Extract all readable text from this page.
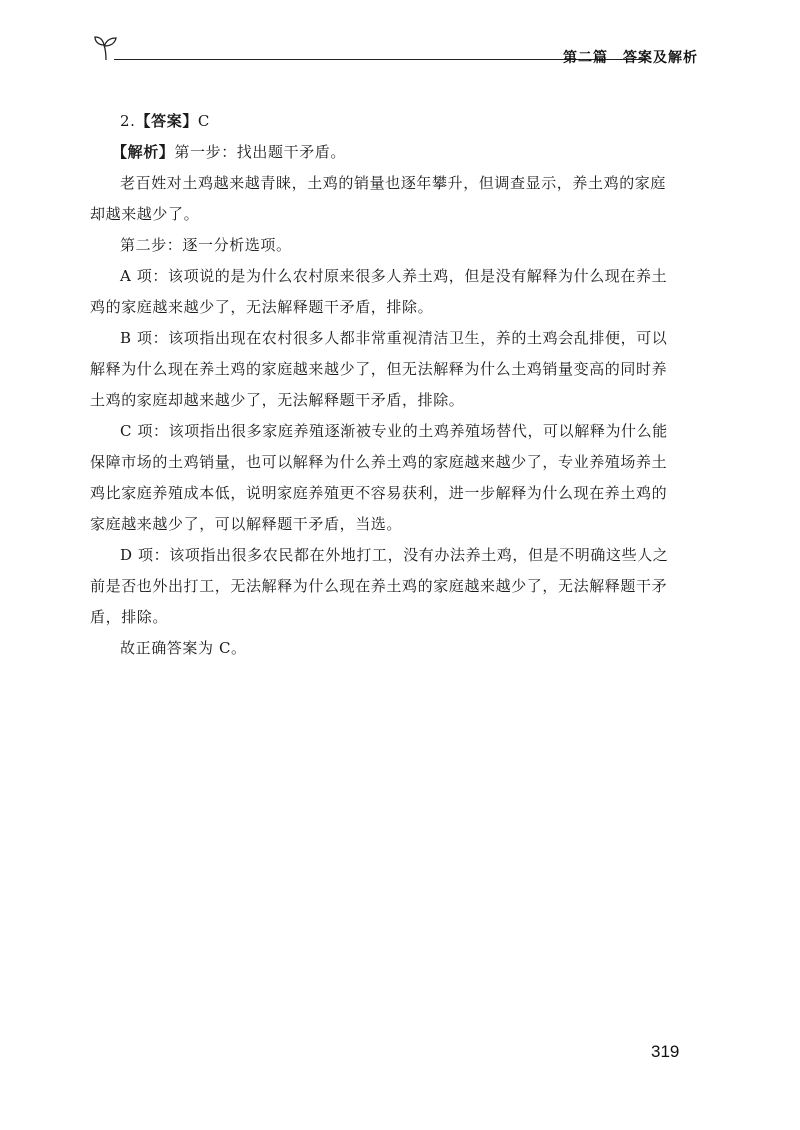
第二篇　答案及解析

2.【答案】C

【解析】第一步：找出题干矛盾。

老百姓对土鸡越来越青睐，土鸡的销量也逐年攀升，但调查显示，养土鸡的家庭

却越来越少了。

第二步：逐一分析选项。

A 项：该项说的是为什么农村原来很多人养土鸡，但是没有解释为什么现在养土

鸡的家庭越来越少了，无法解释题干矛盾，排除。

B 项：该项指出现在农村很多人都非常重视清洁卫生，养的土鸡会乱排便，可以

解释为什么现在养土鸡的家庭越来越少了，但无法解释为什么土鸡销量变高的同时养

土鸡的家庭却越来越少了，无法解释题干矛盾，排除。

C 项：该项指出很多家庭养殖逐渐被专业的土鸡养殖场替代，可以解释为什么能

保障市场的土鸡销量，也可以解释为什么养土鸡的家庭越来越少了，专业养殖场养土

鸡比家庭养殖成本低，说明家庭养殖更不容易获利，进一步解释为什么现在养土鸡的

家庭越来越少了，可以解释题干矛盾，当选。

D 项：该项指出很多农民都在外地打工，没有办法养土鸡，但是不明确这些人之

前是否也外出打工，无法解释为什么现在养土鸡的家庭越来越少了，无法解释题干矛

盾，排除。

故正确答案为 C。

319
